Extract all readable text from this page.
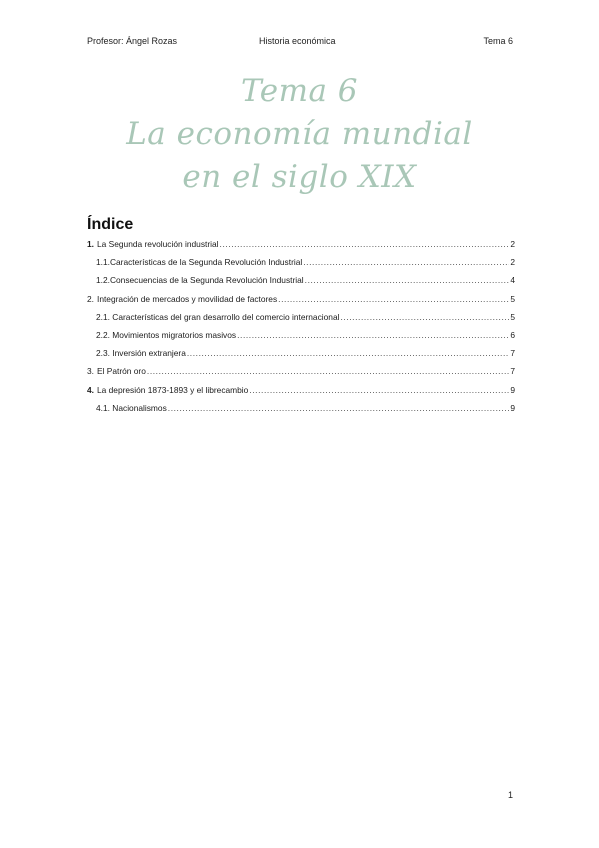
Profesor: Ángel Rozas	Historia económica	Tema 6
Tema 6
La economía mundial
en el siglo XIX
Índice
1. La Segunda revolución industrial .....	2
1.1.Características de la Segunda Revolución Industrial .....	2
1.2.Consecuencias de la Segunda Revolución Industrial .....	4
2. Integración de mercados y movilidad de factores .....	5
2.1. Características del gran desarrollo del comercio internacional .....	5
2.2. Movimientos migratorios masivos .....	6
2.3. Inversión extranjera .....	7
3. El Patrón oro .....	7
4. La depresión 1873-1893 y el librecambio .....	9
4.1. Nacionalismos .....	9
1
